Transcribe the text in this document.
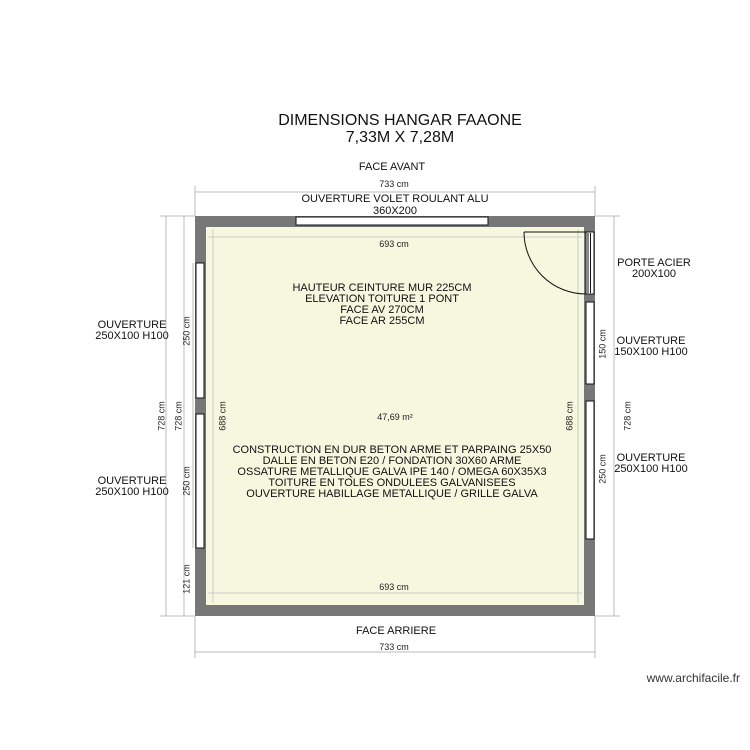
DIMENSIONS HANGAR FAAONE
7,33M X 7,28M
FACE AVANT
FACE ARRIERE
733 cm
OUVERTURE VOLET ROULANT ALU
360X200
693 cm
693 cm
733 cm
HAUTEUR CEINTURE MUR 225CM
ELEVATION TOITURE 1 PONT
FACE AV 270CM
FACE AR 255CM
47,69 m²
CONSTRUCTION EN DUR BETON ARME ET PARPAING 25X50
DALLE EN BETON E20 / FONDATION 30X60 ARME
OSSATURE METALLIQUE GALVA IPE 140 / OMEGA 60X35X3
TOITURE EN TOLES ONDULEES GALVANISEES
OUVERTURE HABILLAGE METALLIQUE / GRILLE GALVA
OUVERTURE
250X100 H100
OUVERTURE
250X100 H100
PORTE ACIER
200X100
OUVERTURE
150X100 H100
OUVERTURE
250X100 H100
728 cm 728 cm	688 cm
250 cm
250 cm
121 cm
688 cm	728 cm
150 cm
250 cm
www.archifacile.fr
